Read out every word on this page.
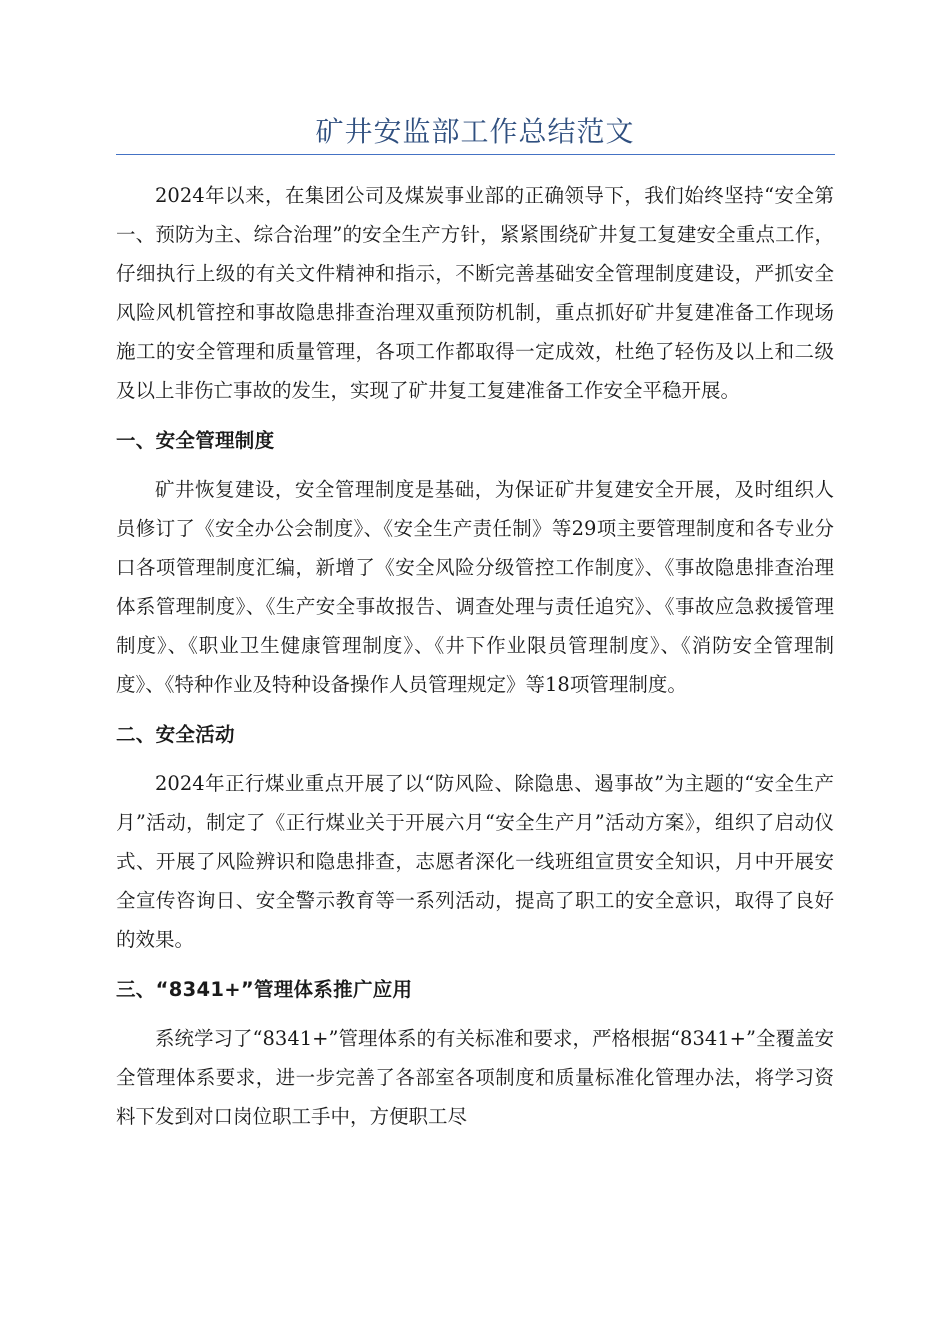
矿井安监部工作总结范文

2024年以来，在集团公司及煤炭事业部的正确领导下，我们始终坚持“安全第一、预防为主、综合治理”的安全生产方针，紧紧围绕矿井复工复建安全重点工作，仔细执行上级的有关文件精神和指示，不断完善基础安全管理制度建设，严抓安全风险风机管控和事故隐患排查治理双重预防机制，重点抓好矿井复建准备工作现场施工的安全管理和质量管理，各项工作都取得一定成效，杜绝了轻伤及以上和二级及以上非伤亡事故的发生，实现了矿井复工复建准备工作安全平稳开展。

一、安全管理制度

矿井恢复建设，安全管理制度是基础，为保证矿井复建安全开展，及时组织人员修订了《安全办公会制度》、《安全生产责任制》等29项主要管理制度和各专业分口各项管理制度汇编，新增了《安全风险分级管控工作制度》、《事故隐患排查治理体系管理制度》、《生产安全事故报告、调查处理与责任追究》、《事故应急救援管理制度》、《职业卫生健康管理制度》、《井下作业限员管理制度》、《消防安全管理制度》、《特种作业及特种设备操作人员管理规定》等18项管理制度。

二、安全活动

2024年正行煤业重点开展了以“防风险、除隐患、遏事故”为主题的“安全生产月”活动，制定了《正行煤业关于开展六月“安全生产月”活动方案》，组织了启动仪式、开展了风险辨识和隐患排查，志愿者深化一线班组宣贯安全知识，月中开展安全宣传咨询日、安全警示教育等一系列活动，提高了职工的安全意识，取得了良好的效果。

三、“8341+”管理体系推广应用

系统学习了“8341+”管理体系的有关标准和要求，严格根据“8341+”全覆盖安全管理体系要求，进一步完善了各部室各项制度和质量标准化管理办法，将学习资料下发到对口岗位职工手中，方便职工尽
